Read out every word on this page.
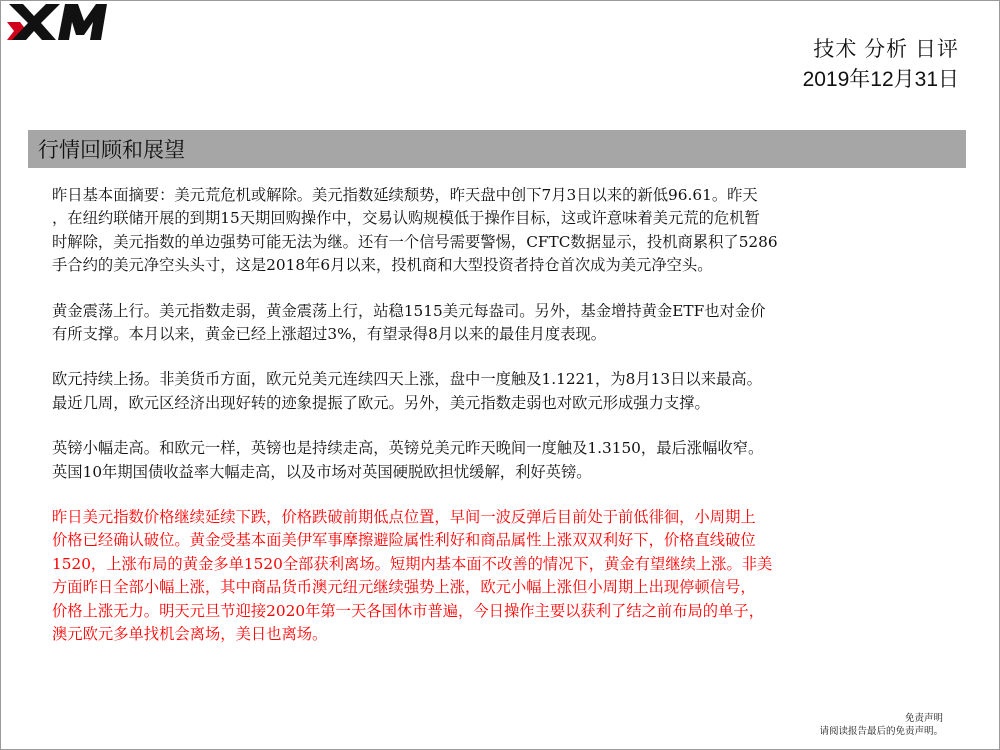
技术 分析 日评
2019年12月31日
行情回顾和展望

昨日基本面摘要：美元荒危机或解除。美元指数延续颓势，昨天盘中创下7月3日以来的新低96.61。昨天
，在纽约联储开展的到期15天期回购操作中，交易认购规模低于操作目标，这或许意味着美元荒的危机暂
时解除，美元指数的单边强势可能无法为继。还有一个信号需要警惕，CFTC数据显示，投机商累积了5286
手合约的美元净空头头寸，这是2018年6月以来，投机商和大型投资者持仓首次成为美元净空头。

黄金震荡上行。美元指数走弱，黄金震荡上行，站稳1515美元每盎司。另外，基金增持黄金ETF也对金价
有所支撑。本月以来，黄金已经上涨超过3%，有望录得8月以来的最佳月度表现。

欧元持续上扬。非美货币方面，欧元兑美元连续四天上涨，盘中一度触及1.1221，为8月13日以来最高。
最近几周，欧元区经济出现好转的迹象提振了欧元。另外，美元指数走弱也对欧元形成强力支撑。

英镑小幅走高。和欧元一样，英镑也是持续走高，英镑兑美元昨天晚间一度触及1.3150，最后涨幅收窄。
英国10年期国债收益率大幅走高，以及市场对英国硬脱欧担忧缓解，利好英镑。

昨日美元指数价格继续延续下跌，价格跌破前期低点位置，早间一波反弹后目前处于前低徘徊，小周期上
价格已经确认破位。黄金受基本面美伊军事摩擦避险属性利好和商品属性上涨双双利好下，价格直线破位
1520，上涨布局的黄金多单1520全部获利离场。短期内基本面不改善的情况下，黄金有望继续上涨。非美
方面昨日全部小幅上涨，其中商品货币澳元纽元继续强势上涨，欧元小幅上涨但小周期上出现停顿信号，
价格上涨无力。明天元旦节迎接2020年第一天各国休市普遍，今日操作主要以获利了结之前布局的单子，
澳元欧元多单找机会离场，美日也离场。

免责声明
请阅读报告最后的免责声明。
